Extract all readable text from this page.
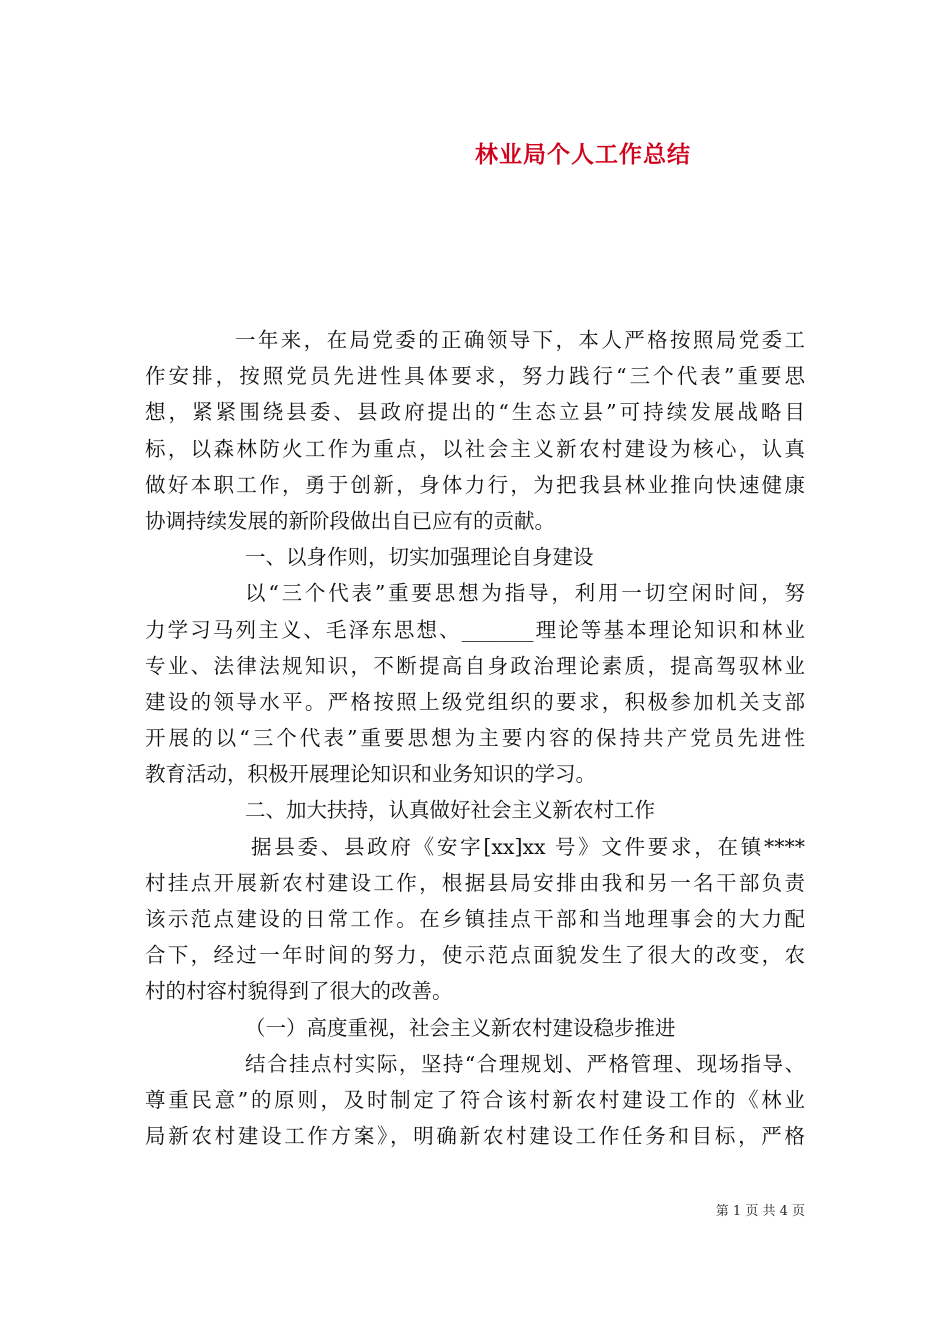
林业局个人工作总结
一年来，在局党委的正确领导下，本人严格按照局党委工
作安排，按照党员先进性具体要求，努力践行“三个代表”重要思
想，紧紧围绕县委、县政府提出的“生态立县”可持续发展战略目
标，以森林防火工作为重点，以社会主义新农村建设为核心，认真
做好本职工作，勇于创新，身体力行，为把我县林业推向快速健康
协调持续发展的新阶段做出自已应有的贡献。
一、以身作则，切实加强理论自身建设
以“三个代表”重要思想为指导，利用一切空闲时间，努
力学习马列主义、毛泽东思想、_______理论等基本理论知识和林业
专业、法律法规知识，不断提高自身政治理论素质，提高驾驭林业
建设的领导水平。严格按照上级党组织的要求，积极参加机关支部
开展的以“三个代表”重要思想为主要内容的保持共产党员先进性
教育活动，积极开展理论知识和业务知识的学习。
二、加大扶持，认真做好社会主义新农村工作
据县委、县政府《安字[xx]xx 号》文件要求，在镇****
村挂点开展新农村建设工作，根据县局安排由我和另一名干部负责
该示范点建设的日常工作。在乡镇挂点干部和当地理事会的大力配
合下，经过一年时间的努力，使示范点面貌发生了很大的改变，农
村的村容村貌得到了很大的改善。
（一）高度重视，社会主义新农村建设稳步推进
结合挂点村实际，坚持“合理规划、严格管理、现场指导、
尊重民意”的原则，及时制定了符合该村新农村建设工作的《林业
局新农村建设工作方案》，明确新农村建设工作任务和目标，严格
第 1 页 共 4 页
